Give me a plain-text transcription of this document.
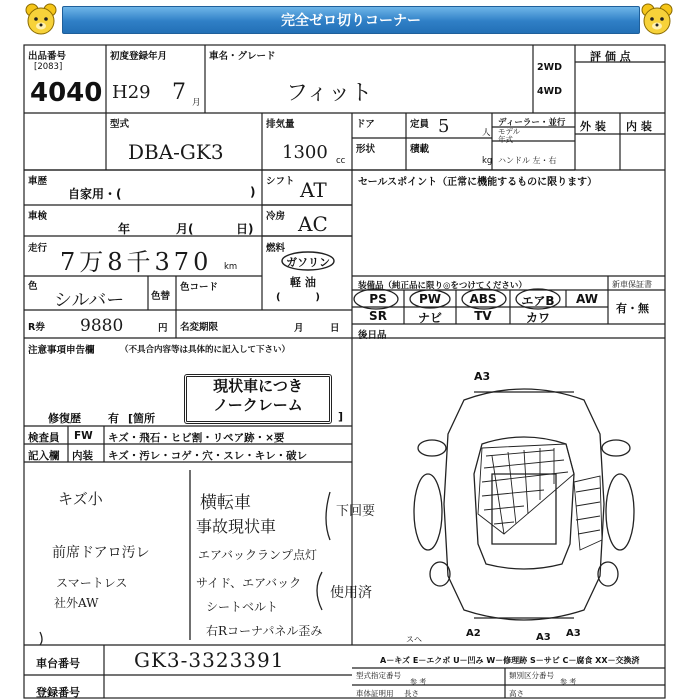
完全ゼロ切りコーナー
出品番号
[2083]
4040
初度登録年月
H29 7 月
車名・グレード
フィット
2WD
4WD
評 価 点
外 装 内 装
型式
DBA-GK3
排気量
1300 cc
ドア	定員 5	人
ディーラー・並行
モデル
年式
ハンドル 左・右
形状	積載
kg
車歴
自家用・(	)
車検
年	月(	日)
走行 7万8千370 km
シフト AT
冷房 AC
燃料
ガソリン
軽 油
(          )
色
シルバー	色替
色コード
R券 9880	円 名変期限	月	日
セールスポイント（正常に機能するものに限ります）
装備品（純正品に限り◎をつけてください）	新車保証書
有・無
PS	PW	ABS	エアB	AW
SR	ナビ	TV	カワ
後日品
注意事項申告欄	（不具合内容等は具体的に記入して下さい）
現状車につき
ノークレーム
修復歴 有 [箇所	]
検査員 FW キズ・飛石・ヒビ割・リペア跡・×要
記入欄 内装 キズ・汚レ・コゲ・穴・スレ・キレ・破レ
キズ小	横転車
事故現状車
下回要
前席ドアロ汚レ	エアバックランプ点灯
スマートレス
社外AW
サイド、エアバック
シートベルト
使用済
右Rコーナパネル歪み
A3
A2	A3 A3
スヘ
A－キズ E－エクボ U－凹み W－修理跡 S－サビ C－腐食 XX－交換済
車台番号	GK3-3323391
登録番号
型式指定番号
参 考
類別区分番号
参 考
車体証明用 長さ	高さ
